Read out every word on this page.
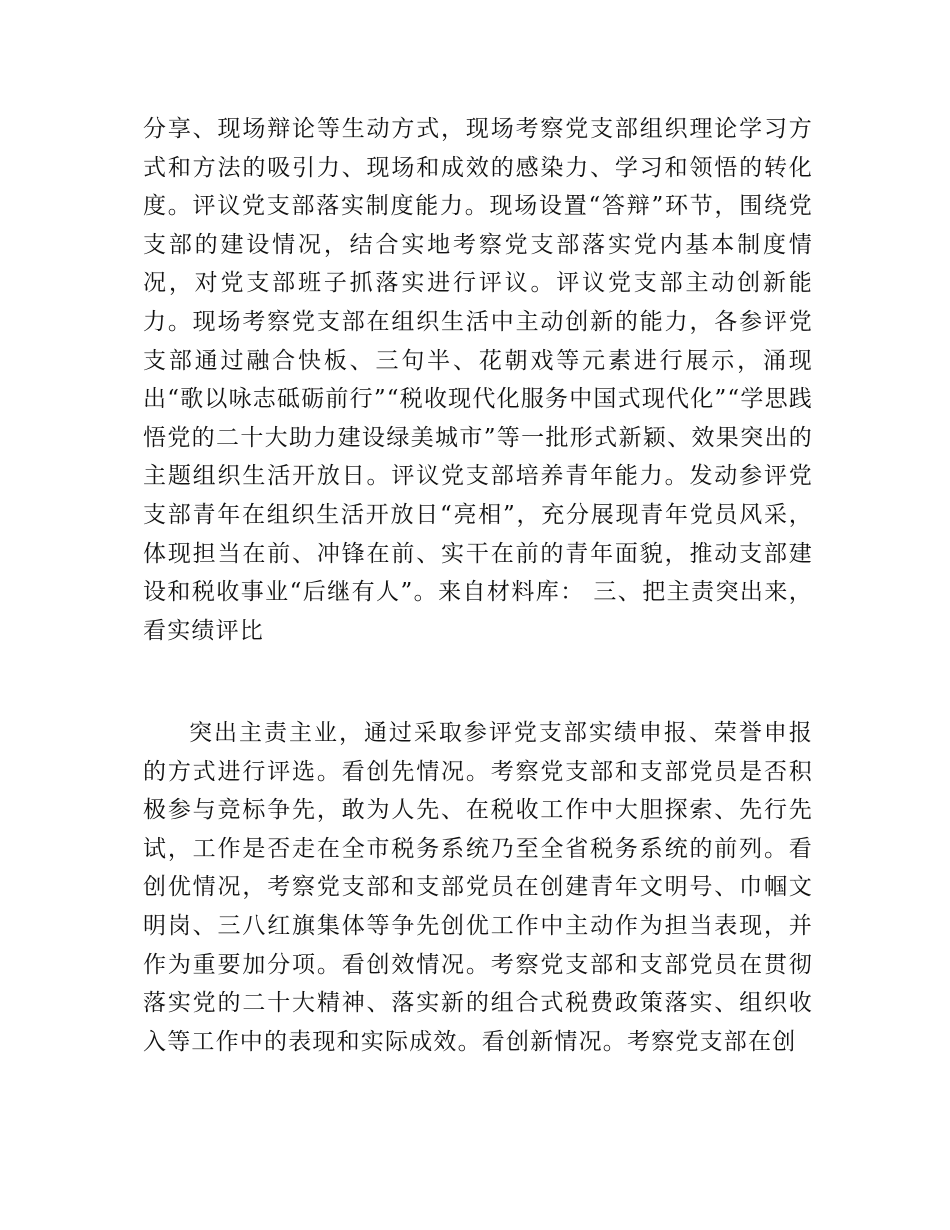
分享、现场辩论等生动方式，现场考察党支部组织理论学习方式和方法的吸引力、现场和成效的感染力、学习和领悟的转化度。评议党支部落实制度能力。现场设置“答辩”环节，围绕党支部的建设情况，结合实地考察党支部落实党内基本制度情况，对党支部班子抓落实进行评议。评议党支部主动创新能力。现场考察党支部在组织生活中主动创新的能力，各参评党支部通过融合快板、三句半、花朝戏等元素进行展示，涌现出“歌以咏志砥砺前行”“税收现代化服务中国式现代化”“学思践悟党的二十大助力建设绿美城市”等一批形式新颖、效果突出的主题组织生活开放日。评议党支部培养青年能力。发动参评党支部青年在组织生活开放日“亮相”，充分展现青年党员风采，体现担当在前、冲锋在前、实干在前的青年面貌，推动支部建设和税收事业“后继有人”。来自材料库： 三、把主责突出来，看实绩评比

突出主责主业，通过采取参评党支部实绩申报、荣誉申报的方式进行评选。看创先情况。考察党支部和支部党员是否积极参与竞标争先，敢为人先、在税收工作中大胆探索、先行先试，工作是否走在全市税务系统乃至全省税务系统的前列。看创优情况，考察党支部和支部党员在创建青年文明号、巾帼文明岗、三八红旗集体等争先创优工作中主动作为担当表现，并作为重要加分项。看创效情况。考察党支部和支部党员在贯彻落实党的二十大精神、落实新的组合式税费政策落实、组织收入等工作中的表现和实际成效。看创新情况。考察党支部在创
